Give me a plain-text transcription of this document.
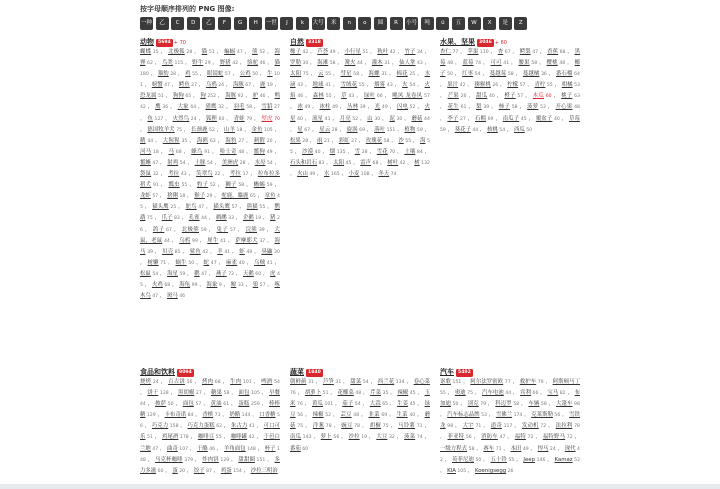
按字母顺序排列的 PNG 图像:
一种	乙	C	D	乙	F	G	H	一世	J	k	大号	米	n	o	圆	R	小号	吨	ü	五	W	X	是	Z
动物 5694 + 70
蝴蝶 15 ， 北极狐 28 ， 猫 51 ， 蝙蝠 47 ， 熊 52 ， 海狸 62 ， 鸟类 115 ， 野牛 29 ， 野猪 42 ， 骆驼 46 ， 猫 180 ， 猫豹 28 ， 鸡 55 ， 眼镜蛇 57 ， 公鸡 50 ， 牛 101 ， 螃蟹 47 ， 鳄鱼 27 ， 乌鸦 24 ， 海豚 67 ， 鹿 19 ， 恐龙属 51 ， 狗狗 65 ， 狗 252 ， 海豚 92 ， 驴 46 ， 鸭 42 ， 鹰 36 ， 大象 64 ， 猎鹰 32 ， 羽毛 58 ， 雪貂 27 ， 鱼 127 ， 火烈鸟 24 ， 狐狸 60 ， 青蛙 79 ， 壁虎 70 ， 德国牧羊犬 75 ， 长颈鹿 52 ， 山羊 18 ， 金鱼 105 ， 鹅 44 ， 大猩猩 35 ， 海鸥 63 ， 海豹 27 ， 刺猬 20 ， 河马 18 ， 马 68 ， 蜂鸟 91 ， 哈士奇 48 ， 鬣狗 49 ， 鬣蜥 47 ， 射鸡 54 ， 土豚 54 ， 美洲虎 28 ， 水母 54 ， 袋鼠 32 ， 考拉 43 ， 笑翠鸟 22 ， 考拉 17 ， 拉布拉多猎犬 91 ， 瓢虫 55 ， 豹子 52 ， 狮子 58 ， 蜥蜴 59 ， 龙虾 57 ， 猞猁 18 ， 猴子 29 ， 驼鹿，麋鹿 65 ， 章鱼 45 ， 猫头鹰 25 ， 鸵鸟 47 ， 猫头鹰 57 ， 熊猫 55 ， 鹦鹉 75 ， 爪子 83 ， 孔雀 44 ， 鹈鹕 33 ， 企鹅 19 ， 猪 26 ， 鸽子 67 ， 北极熊 59 ， 兔子 57 ， 浣熊 39 ， 大鼠，老鼠 44 ， 乌鸦 99 ， 犀牛 41 ， 萨摩耶犬 37 ， 海马 39 ， 贝壳 85 ， 鲨鱼 42 ， 羊 41 ， 虾 49 ， 臭鼬 30 ， 树懒 71 ， 蜗牛 50 ， 蛇 47 ， 麻雀 40 ， 乌贼 41 ， 松鼠 54 ， 海星 59 ， 鹳 47 ， 燕子 72 ， 天鹅 60 ， 虎 45 ， 火鸡 68 ， 海龟 99 ， 海象 9 ， 鲸 33 ， 狼 57 ， 啄木鸟 47 ， 斑马 46
自然 3318
橡子 42 ， 芦荟 49 ， 小行星 51 ， 秋叶 42 ， 竹子 34 ， 罗勒 30 ， 海滩 58 ， 篝火 44 ， 灌木 31 ， 仙人掌 43 ， 太阳 75 ， 云 55 ， 彗星 58 ， 海螺 31 ， 棉花 25 ， 水滴 43 ， 地球 41 ， 雪绒花 55 ， 烟雾 43 ， 火 54 ， 火焰 46 ， 森林 55 ， 草 43 ， 绿叶 66 ， 飓风 龙卷风 57 ， 冰 49 ， 冰柱 49 ， 丛林 39 ， 光 49 ， 闪电 52 ， 火星 40 ， 流星 41 ， 月亮 52 ， 山 30 ， 泥 30 ， 蘑菇 44 ， 星 67 ， 星云 28 ， 旋涡 69 ， 落叶 151 ， 植物 59 ， 松果 28 ， 雨 21 ， 彩虹 27 ， 玫瑰花 58 ， 沙 55 ， 海 55 ， 沙漠 40 ， 烟 135 ， 雪 28 ， 雪花 70 ， 土壤 84 ， 石头和岩石 83 ， 太阳 45 ， 雷声 68 ， 树叶 42 ， 树 132 ， 火山 49 ， 水 165 ， 小麦 108 ， 冬天 74
水果、坚果 3046 + 60
杏仁 77 ， 苹果 110 ， 杏 67 ， 鳄梨 47 ， 香蕉 68 ， 黑莓 48 ， 蓝莓 74 ， 可可 41 ， 腰果 58 ， 樱桃 48 ， 椰子 50 ， 红枣 54 ， 蔓越莓 58 ， 蔓越橘 36 ， 番石榴 64 ， 果汁 42 ， 猕猴桃 26 ， 柠檬 57 ， 青柠 55 ， 柑橘 53 ， 芒果 26 ， 甜瓜 40 ， 橙子 57 ， 木瓜 60 ， 桃子 63 ， 花生 61 ， 梨 39 ， 柿子 58 ， 菠萝 53 ， 开心果 48 ， 李子 27 ， 石榴 69 ， 南瓜子 45 ， 覆盆子 40 ， 草莓 59 ， 葵花子 44 ， 核桃 54 ， 西瓜 50
食品和饮料 9094
烧烤 24 ， 百吉饼 56 ， 烤肉 68 ， 牛肉 101 ， 啤酒 54 ， 饼干 128 ， 黑胡椒 27 ， 糖果 58 ， 面包 105 ， 早餐 44 ， 披萨 50 ， 面包 57 ， 黄油 61 ， 蛋糕 259 ， 棒棒糖 129 ， 卡布奇诺 84 ， 香槟 73 ， 奶酪 144 ， 口香糖 56 ， 巧克力 158 ， 巧克力蛋糕 62 ， 朱古力 41 ， 可口可乐 51 ， 鸡尾酒 178 ， 咖啡豆 55 ， 咖啡罐 42 ， 干邑白兰地 47 ， 曲奇 107 ， 干酪 46 ， 羊角面包 148 ， 杯子 148 ， 马克杯咖啡 379 ， 炸肉饼 129 ， 甜甜圈 151 ， 多力多滋 60 ， 蛋 20 ， 饺子 87 ， 鸡蛋 154 ， 沙拉三明治
蔬菜 1840
朝鲜蓟 31 ， 芦笋 31 ， 甜菜 54 ， 西兰花 134 ， 卷心菜 76 ， 胡萝卜 51 ， 花椰菜 48 ， 芹菜 35 ， 辣椒 45 ， 玉米 76 ， 黄瓜 101 ， 茄子 54 ， 大蒜 65 ， 生姜 45 ， 绿豆 56 ， 辣椒 52 ， 芸豆 48 ， 韭菜 69 ， 生菜 40 ， 蘑菇 75 ， 洋葱 78 ， 豌豆 78 ， 胡椒 75 ， 马铃薯 71 ， 南瓜 143 ， 萝卜 56 ， 沙拉 19 ， 大豆 32 ， 菠菜 74 ， 番茄 60
汽车 5492
讴歌 151 ， 阿尔法罗密欧 77 ， 救护车 79 ， 阿斯顿马丁 55 ， 奥迪 75 ， 汽车电池 44 ， 宾利 66 ， 宝马 82 ， 布加迪 50 ， 别克 79 ， 科迈罗 58 ， 车辆 58 ， 大篷车 98 ， 汽车标志品牌 53 ， 雪佛兰 174 ， 克莱斯勒 56 ， 雪铁龙 98 ， 大宇 71 ， 道奇 117 ， 发动机 72 ， 法拉利 78 ， 菲亚特 56 ， 消防车 47 ， 福特 72 ， 福特野马 72 ， 一级方程式 58 ， 赛车 71 ， 本田 49 ， 悍马 24 ， 现代 42 ， 英菲尼迪 50 ， 五十铃 55 ， Jeep 146 ， Kamaz 52 ， KIA 105 ， Koenigsegg 26
